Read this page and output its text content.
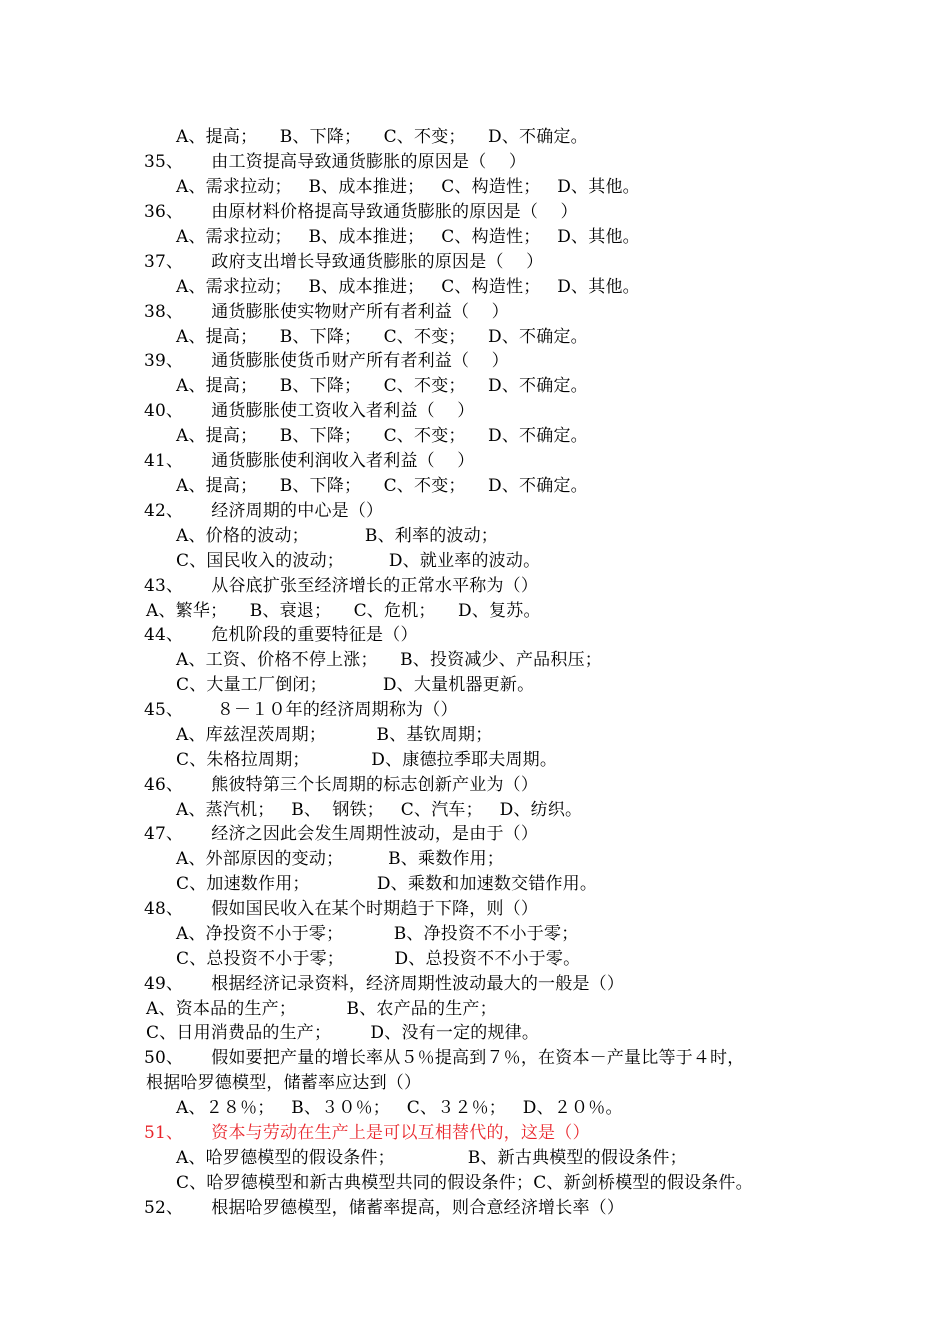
A、提高；    B、下降；    C、不变；    D、不确定。
35、     由工资提高导致通货膨胀的原因是（    ）
A、需求拉动；   B、成本推进；   C、构造性；   D、其他。
36、     由原材料价格提高导致通货膨胀的原因是（    ）
A、需求拉动；   B、成本推进；   C、构造性；   D、其他。
37、     政府支出增长导致通货膨胀的原因是（    ）
A、需求拉动；   B、成本推进；   C、构造性；   D、其他。
38、     通货膨胀使实物财产所有者利益（    ）
A、提高；    B、下降；    C、不变；    D、不确定。
39、     通货膨胀使货币财产所有者利益（    ）
A、提高；    B、下降；    C、不变；    D、不确定。
40、     通货膨胀使工资收入者利益（    ）
A、提高；    B、下降；    C、不变；    D、不确定。
41、     通货膨胀使利润收入者利益（    ）
A、提高；    B、下降；    C、不变；    D、不确定。
42、     经济周期的中心是（）
A、价格的波动；          B、利率的波动；
C、国民收入的波动；        D、就业率的波动。
43、     从谷底扩张至经济增长的正常水平称为（）
A、繁华；    B、衰退；    C、危机；    D、复苏。
44、     危机阶段的重要特征是（）
A、工资、价格不停上涨；    B、投资减少、产品积压；
C、大量工厂倒闭；          D、大量机器更新。
45、      ８－１０年的经济周期称为（）
A、库兹涅茨周期；         B、基钦周期；
C、朱格拉周期；           D、康德拉季耶夫周期。
46、     熊彼特第三个长周期的标志创新产业为（）
A、蒸汽机；   B、  钢铁；   C、汽车；   D、纺织。
47、     经济之因此会发生周期性波动，是由于（）
A、外部原因的变动；        B、乘数作用；
C、加速数作用；            D、乘数和加速数交错作用。
48、     假如国民收入在某个时期趋于下降，则（）
A、净投资不小于零；         B、净投资不不小于零；
C、总投资不小于零；         D、总投资不不小于零。
49、     根据经济记录资料，经济周期性波动最大的一般是（）
A、资本品的生产；         B、农产品的生产；
C、日用消费品的生产；       D、没有一定的规律。
50、     假如要把产量的增长率从５％提高到７％，在资本－产量比等于４时，
根据哈罗德模型，储蓄率应达到（）
A、２８％；   B、３０％；   C、３２％；   D、２０％。
51、     资本与劳动在生产上是可以互相替代的，这是（）
A、哈罗德模型的假设条件；             B、新古典模型的假设条件；
C、哈罗德模型和新古典模型共同的假设条件；C、新剑桥模型的假设条件。
52、     根据哈罗德模型，储蓄率提高，则合意经济增长率（）
